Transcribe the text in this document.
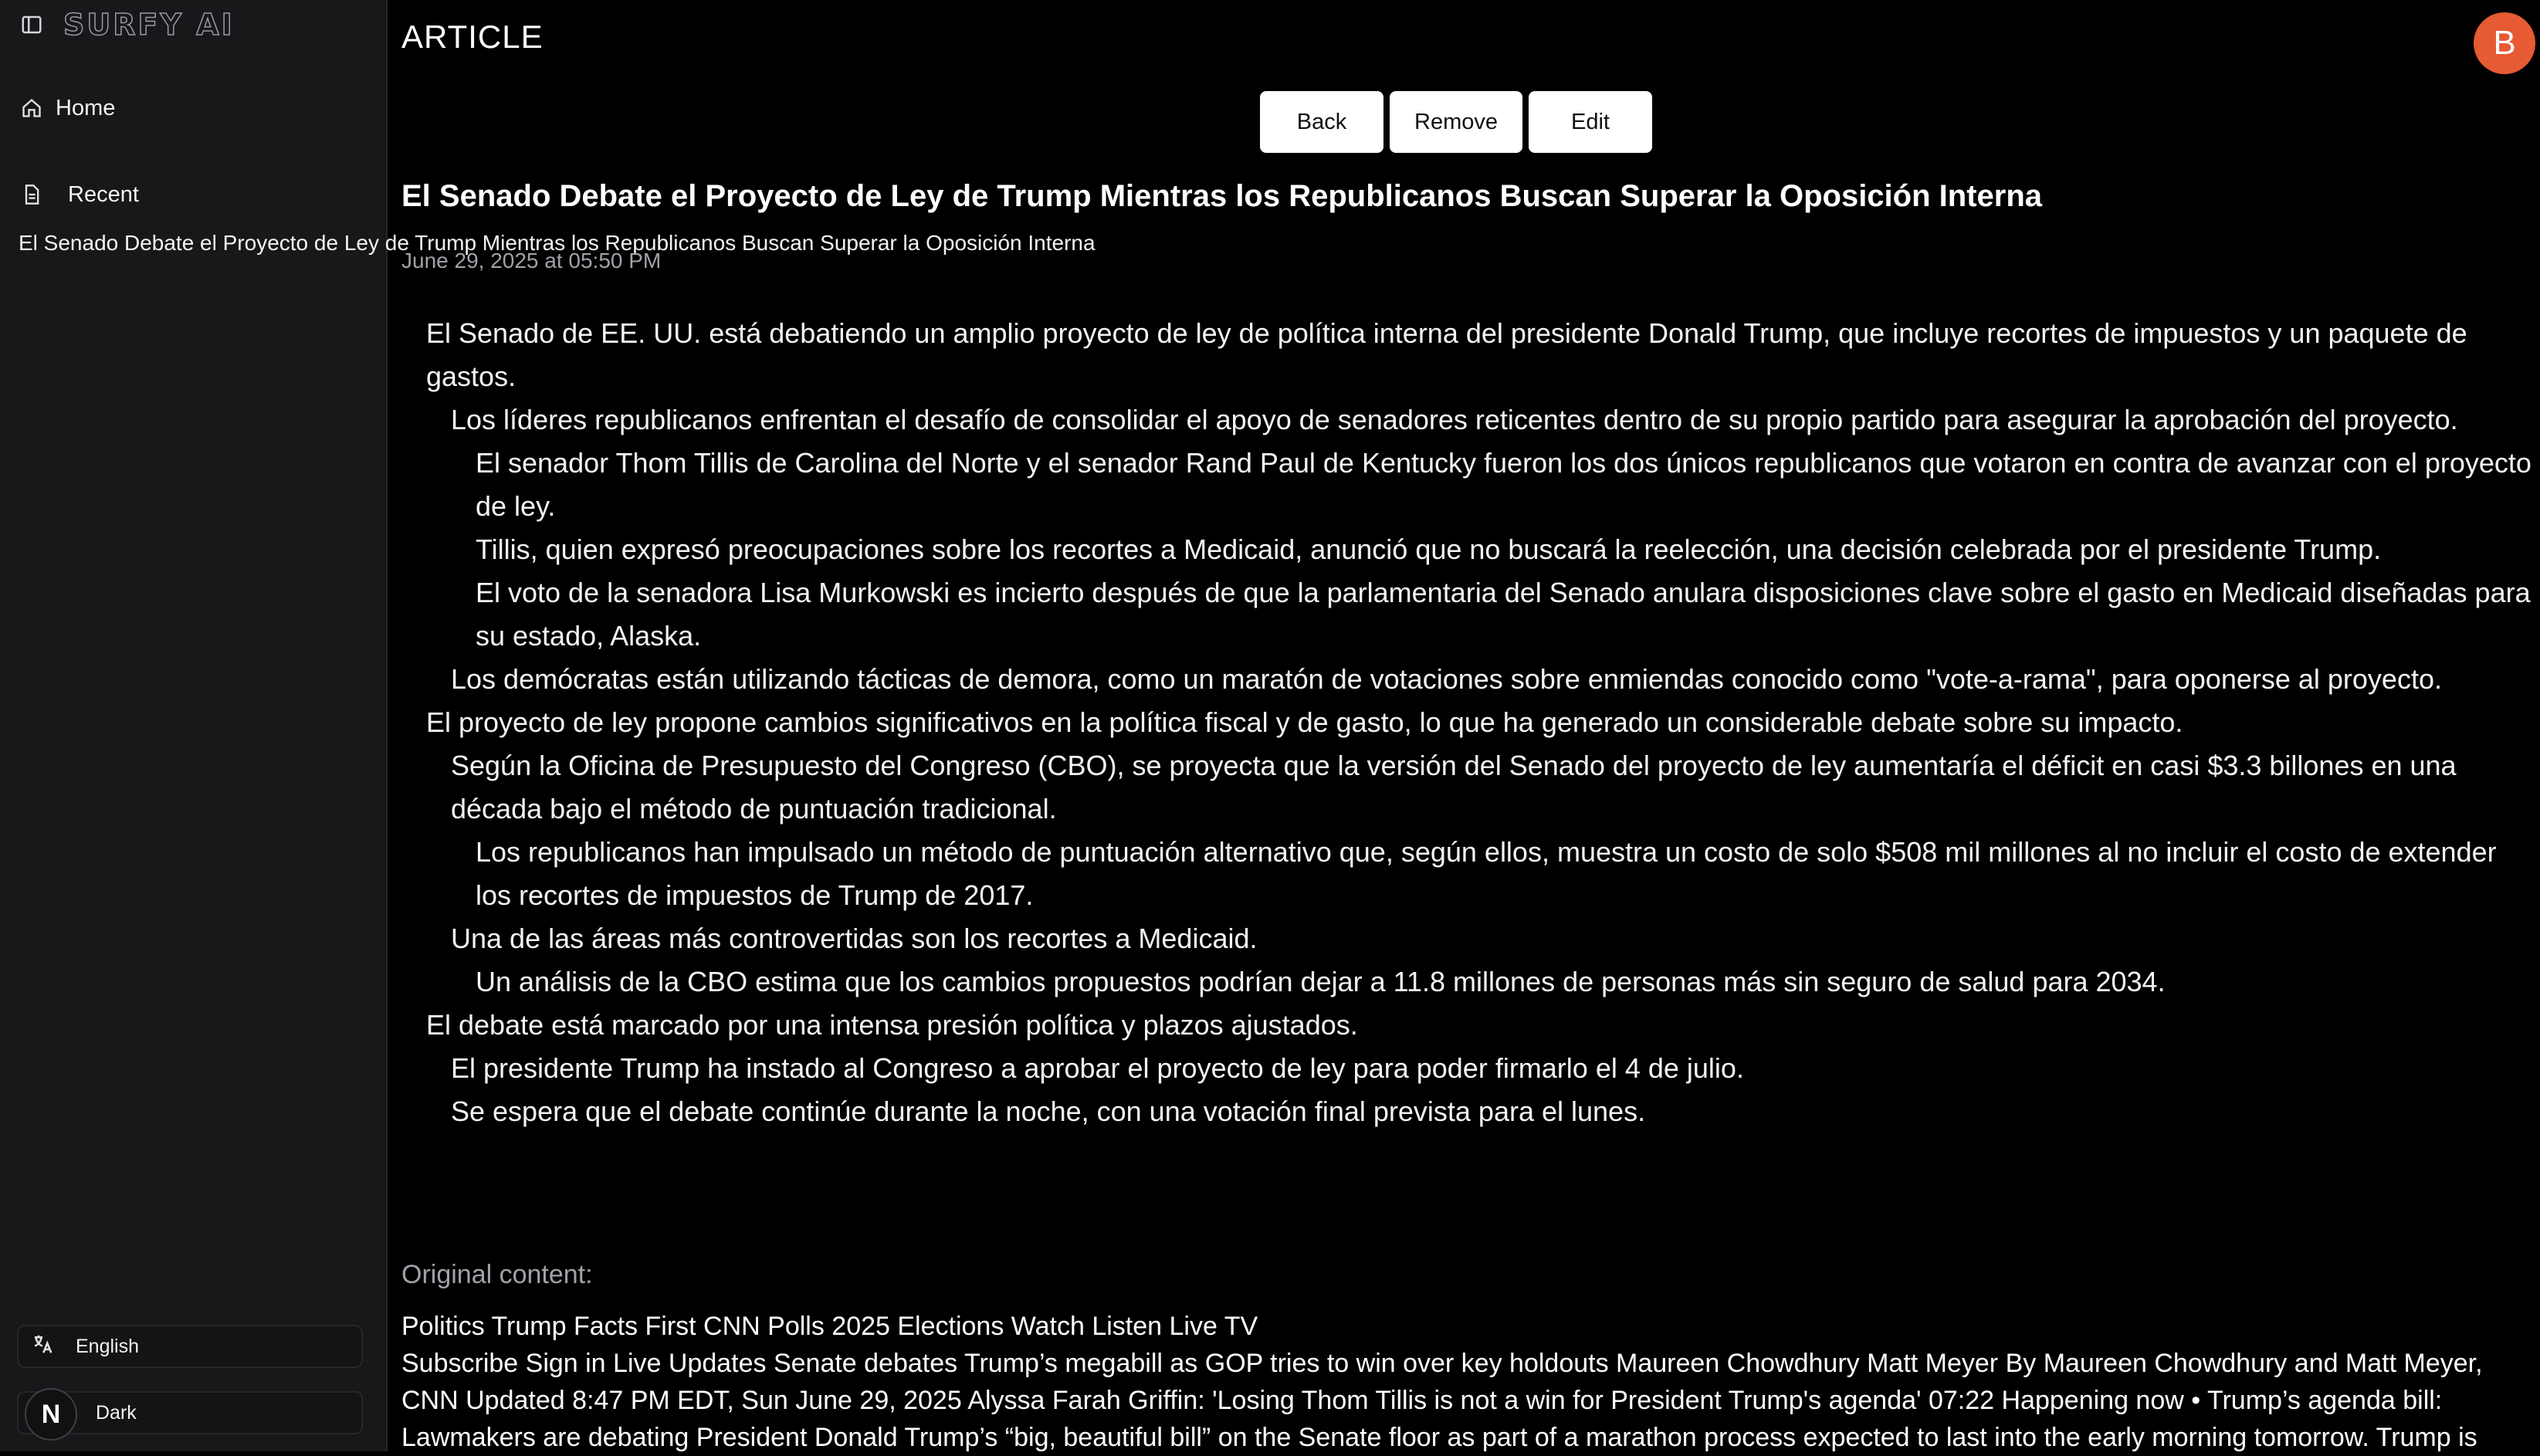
SURFY AI
Home
Recent
El Senado Debate el Proyecto de Ley de Trump Mientras los Republicanos Buscan Superar la Oposición Interna
English
N	Dark
ARTICLE	B
Back	Remove	Edit
El Senado Debate el Proyecto de Ley de Trump Mientras los Republicanos Buscan Superar la Oposición Interna
June 29, 2025 at 05:50 PM

El Senado de EE. UU. está debatiendo un amplio proyecto de ley de política interna del presidente Donald Trump, que incluye recortes de impuestos y un paquete de gastos.

Los líderes republicanos enfrentan el desafío de consolidar el apoyo de senadores reticentes dentro de su propio partido para asegurar la aprobación del proyecto.

El senador Thom Tillis de Carolina del Norte y el senador Rand Paul de Kentucky fueron los dos únicos republicanos que votaron en contra de avanzar con el proyecto de ley.

Tillis, quien expresó preocupaciones sobre los recortes a Medicaid, anunció que no buscará la reelección, una decisión celebrada por el presidente Trump.

El voto de la senadora Lisa Murkowski es incierto después de que la parlamentaria del Senado anulara disposiciones clave sobre el gasto en Medicaid diseñadas para su estado, Alaska.

Los demócratas están utilizando tácticas de demora, como un maratón de votaciones sobre enmiendas conocido como "vote-a-rama", para oponerse al proyecto.

El proyecto de ley propone cambios significativos en la política fiscal y de gasto, lo que ha generado un considerable debate sobre su impacto.

Según la Oficina de Presupuesto del Congreso (CBO), se proyecta que la versión del Senado del proyecto de ley aumentaría el déficit en casi $3.3 billones en una década bajo el método de puntuación tradicional.

Los republicanos han impulsado un método de puntuación alternativo que, según ellos, muestra un costo de solo $508 mil millones al no incluir el costo de extender los recortes de impuestos de Trump de 2017.

Una de las áreas más controvertidas son los recortes a Medicaid.

Un análisis de la CBO estima que los cambios propuestos podrían dejar a 11.8 millones de personas más sin seguro de salud para 2034.

El debate está marcado por una intensa presión política y plazos ajustados.

El presidente Trump ha instado al Congreso a aprobar el proyecto de ley para poder firmarlo el 4 de julio.

Se espera que el debate continúe durante la noche, con una votación final prevista para el lunes.

Original content:

Politics Trump Facts First CNN Polls 2025 Elections Watch Listen Live TV

Subscribe Sign in Live Updates Senate debates Trump’s megabill as GOP tries to win over key holdouts Maureen Chowdhury Matt Meyer By Maureen Chowdhury and Matt Meyer, CNN Updated 8:47 PM EDT, Sun June 29, 2025 Alyssa Farah Griffin: 'Losing Thom Tillis is not a win for President Trump's agenda' 07:22 Happening now • Trump’s agenda bill: Lawmakers are debating President Donald Trump’s “big, beautiful bill” on the Senate floor as part of a marathon process expected to last into the early morning tomorrow. Trump is
